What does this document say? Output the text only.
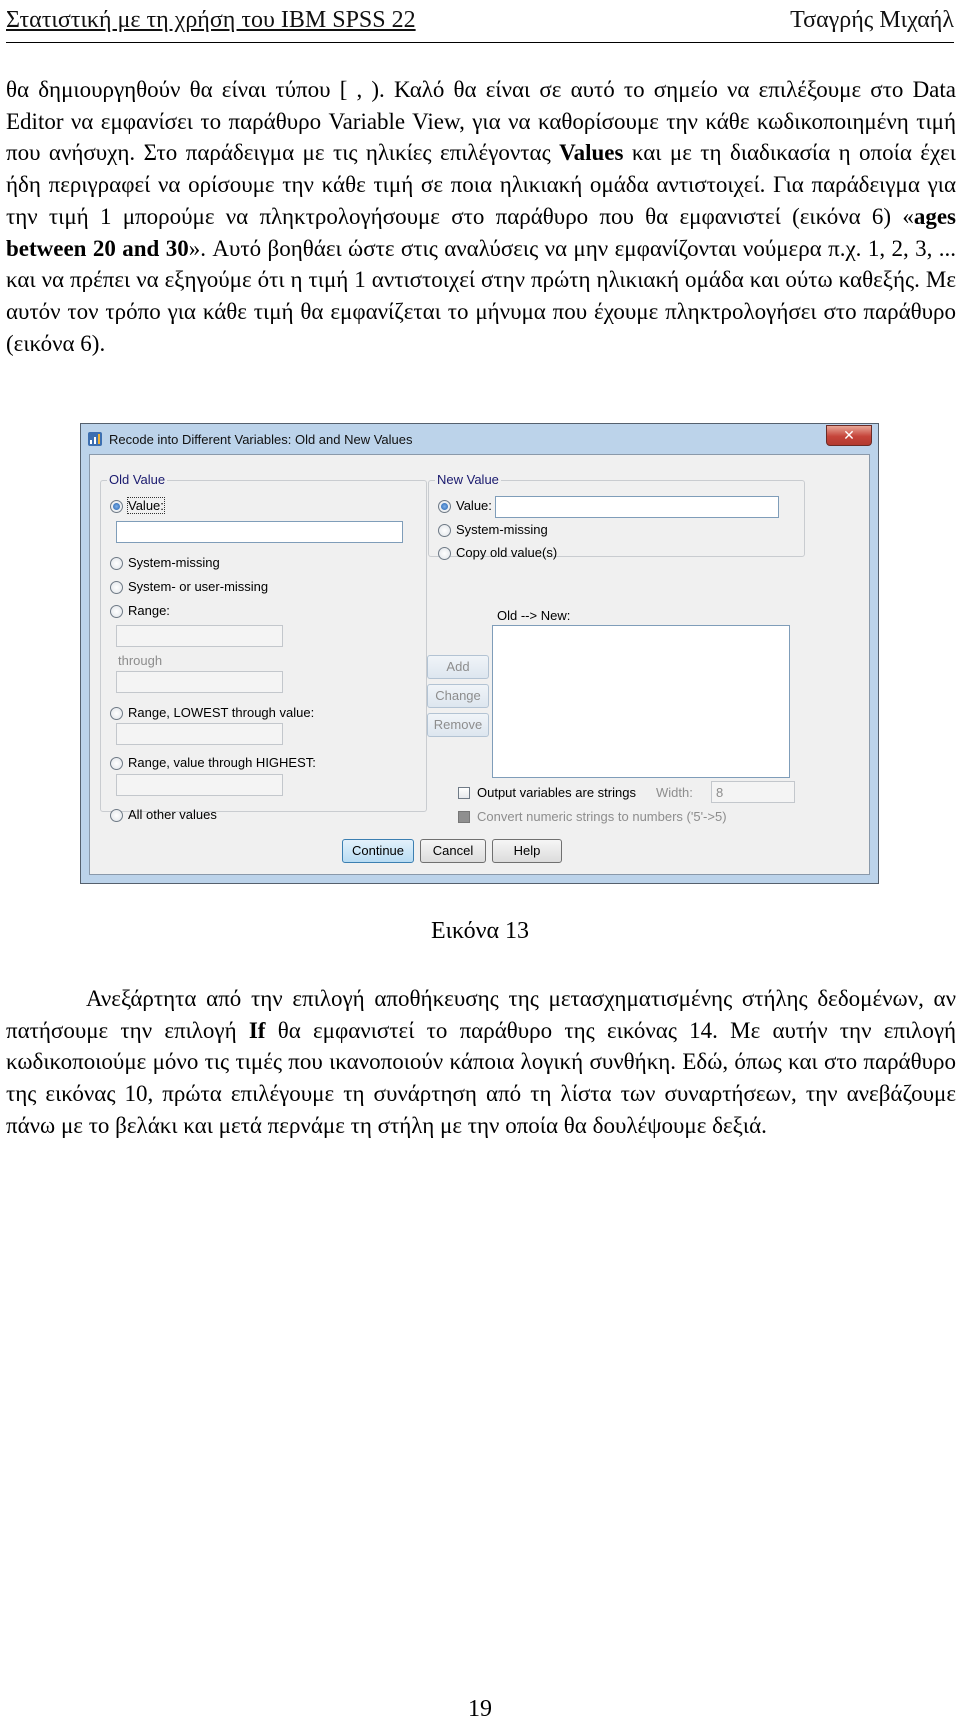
Στατιστική με τη χρήση του IBM SPSS 22	Τσαγρής Μιχαήλ
θα δημιουργηθούν θα είναι τύπου [ , ). Καλό θα είναι σε αυτό το σημείο να επιλέξουμε στο Data Editor να εμφανίσει το παράθυρο Variable View, για να καθορίσουμε την κάθε κωδικοποιημένη τιμή που ανήσυχη. Στο παράδειγμα με τις ηλικίες επιλέγοντας Values και με τη διαδικασία η οποία έχει ήδη περιγραφεί να ορίσουμε την κάθε τιμή σε ποια ηλικιακή ομάδα αντιστοιχεί. Για παράδειγμα για την τιμή 1 μπορούμε να πληκτρολογήσουμε στο παράθυρο που θα εμφανιστεί (εικόνα 6) «ages between 20 and 30». Αυτό βοηθάει ώστε στις αναλύσεις να μην εμφανίζονται νούμερα π.χ. 1, 2, 3, ... και να πρέπει να εξηγούμε ότι η τιμή 1 αντιστοιχεί στην πρώτη ηλικιακή ομάδα και ούτω καθεξής. Με αυτόν τον τρόπο για κάθε τιμή θα εμφανίζεται το μήνυμα που έχουμε πληκτρολογήσει στο παράθυρο (εικόνα 6).
Recode into Different Variables: Old and New Values	✕
Old Value
Value:
System-missing
System- or user-missing
Range:
through
Range, LOWEST through value:
Range, value through HIGHEST:
All other values
New Value
Value:
System-missing
Copy old value(s)
Old --> New:
Add
Change
Remove
Output variables are strings Width: 8
Convert numeric strings to numbers ('5'->5)
Continue	Cancel	Help
Εικόνα 13
Ανεξάρτητα από την επιλογή αποθήκευσης της μετασχηματισμένης στήλης δεδομένων, αν πατήσουμε την επιλογή If θα εμφανιστεί το παράθυρο της εικόνας 14. Με αυτήν την επιλογή κωδικοποιούμε μόνο τις τιμές που ικανοποιούν κάποια λογική συνθήκη. Εδώ, όπως και στο παράθυρο της εικόνας 10, πρώτα επιλέγουμε τη συνάρτηση από τη λίστα των συναρτήσεων, την ανεβάζουμε πάνω με το βελάκι και μετά περνάμε τη στήλη με την οποία θα δουλέψουμε δεξιά.
19
